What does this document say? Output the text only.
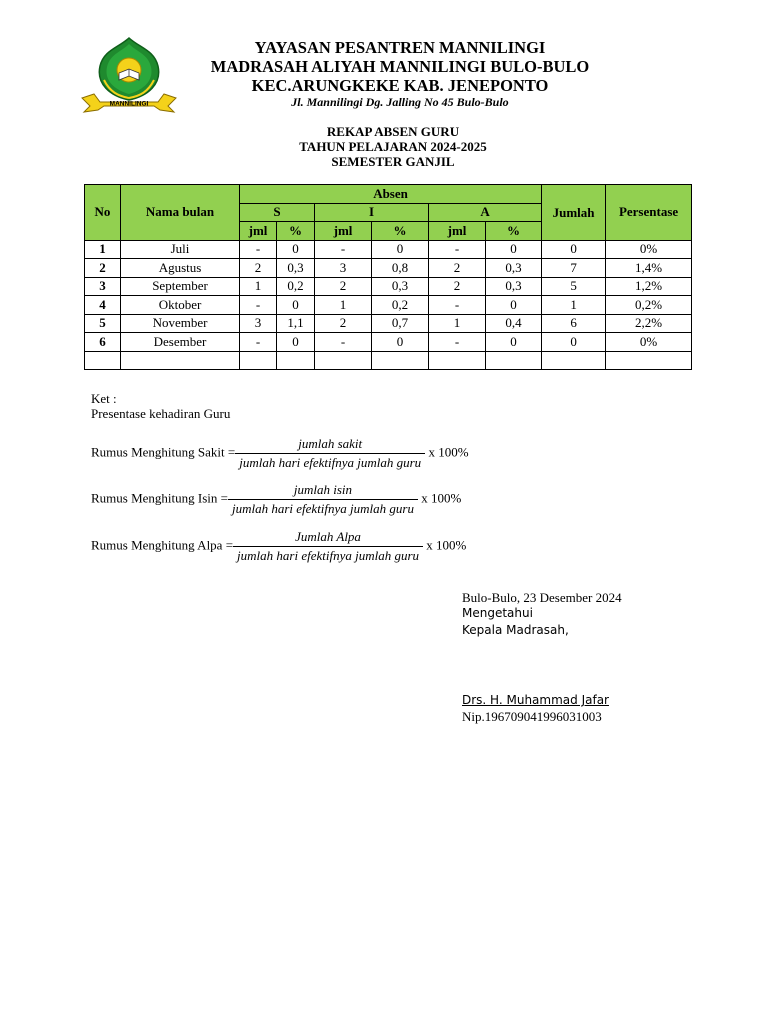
MANNILINGI
YAYASAN PESANTREN MANNILINGI
MADRASAH ALIYAH MANNILINGI BULO-BULO
KEC.ARUNGKEKE KAB. JENEPONTO
Jl. Mannilingi Dg. Jalling No 45 Bulo-Bulo
REKAP ABSEN GURU
TAHUN PELAJARAN 2024-2025
SEMESTER GANJIL
No	Nama bulan	Absen						Jumlah	Persentase
		S		I		A			
		jml	%	jml	%	jml	%		
1	Juli	-	0	-	0	-	0	0	0%
2	Agustus	2	0,3	3	0,8	2	0,3	7	1,4%
3	September	1	0,2	2	0,3	2	0,3	5	1,2%
4	Oktober	-	0	1	0,2	-	0	1	0,2%
5	November	3	1,1	2	0,7	1	0,4	6	2,2%
6	Desember	-	0	-	0	-	0	0	0%

Ket :
Presentase kehadiran Guru
Rumus Menghitung Sakit = $\frac{\text{jumlah sakit}}{\text{jumlah hari efektifnya jumlah guru}}$ x 100%
Rumus Menghitung $Isin = \frac{\text{jumlah isin}}{\text{jumlah hari efektifnya jumlah guru}}$ x 100%
Rumus Menghitung Alpa = $\frac{\text{Jumlah Alpa}}{\text{jumlah hari efektifnya jumlah guru}}$ x 100%
Bulo-Bulo, 23 Desember 2024
Mengetahui
Kepala Madrasah,
Drs. H. Muhammad Jafar
Nip.196709041996031003
